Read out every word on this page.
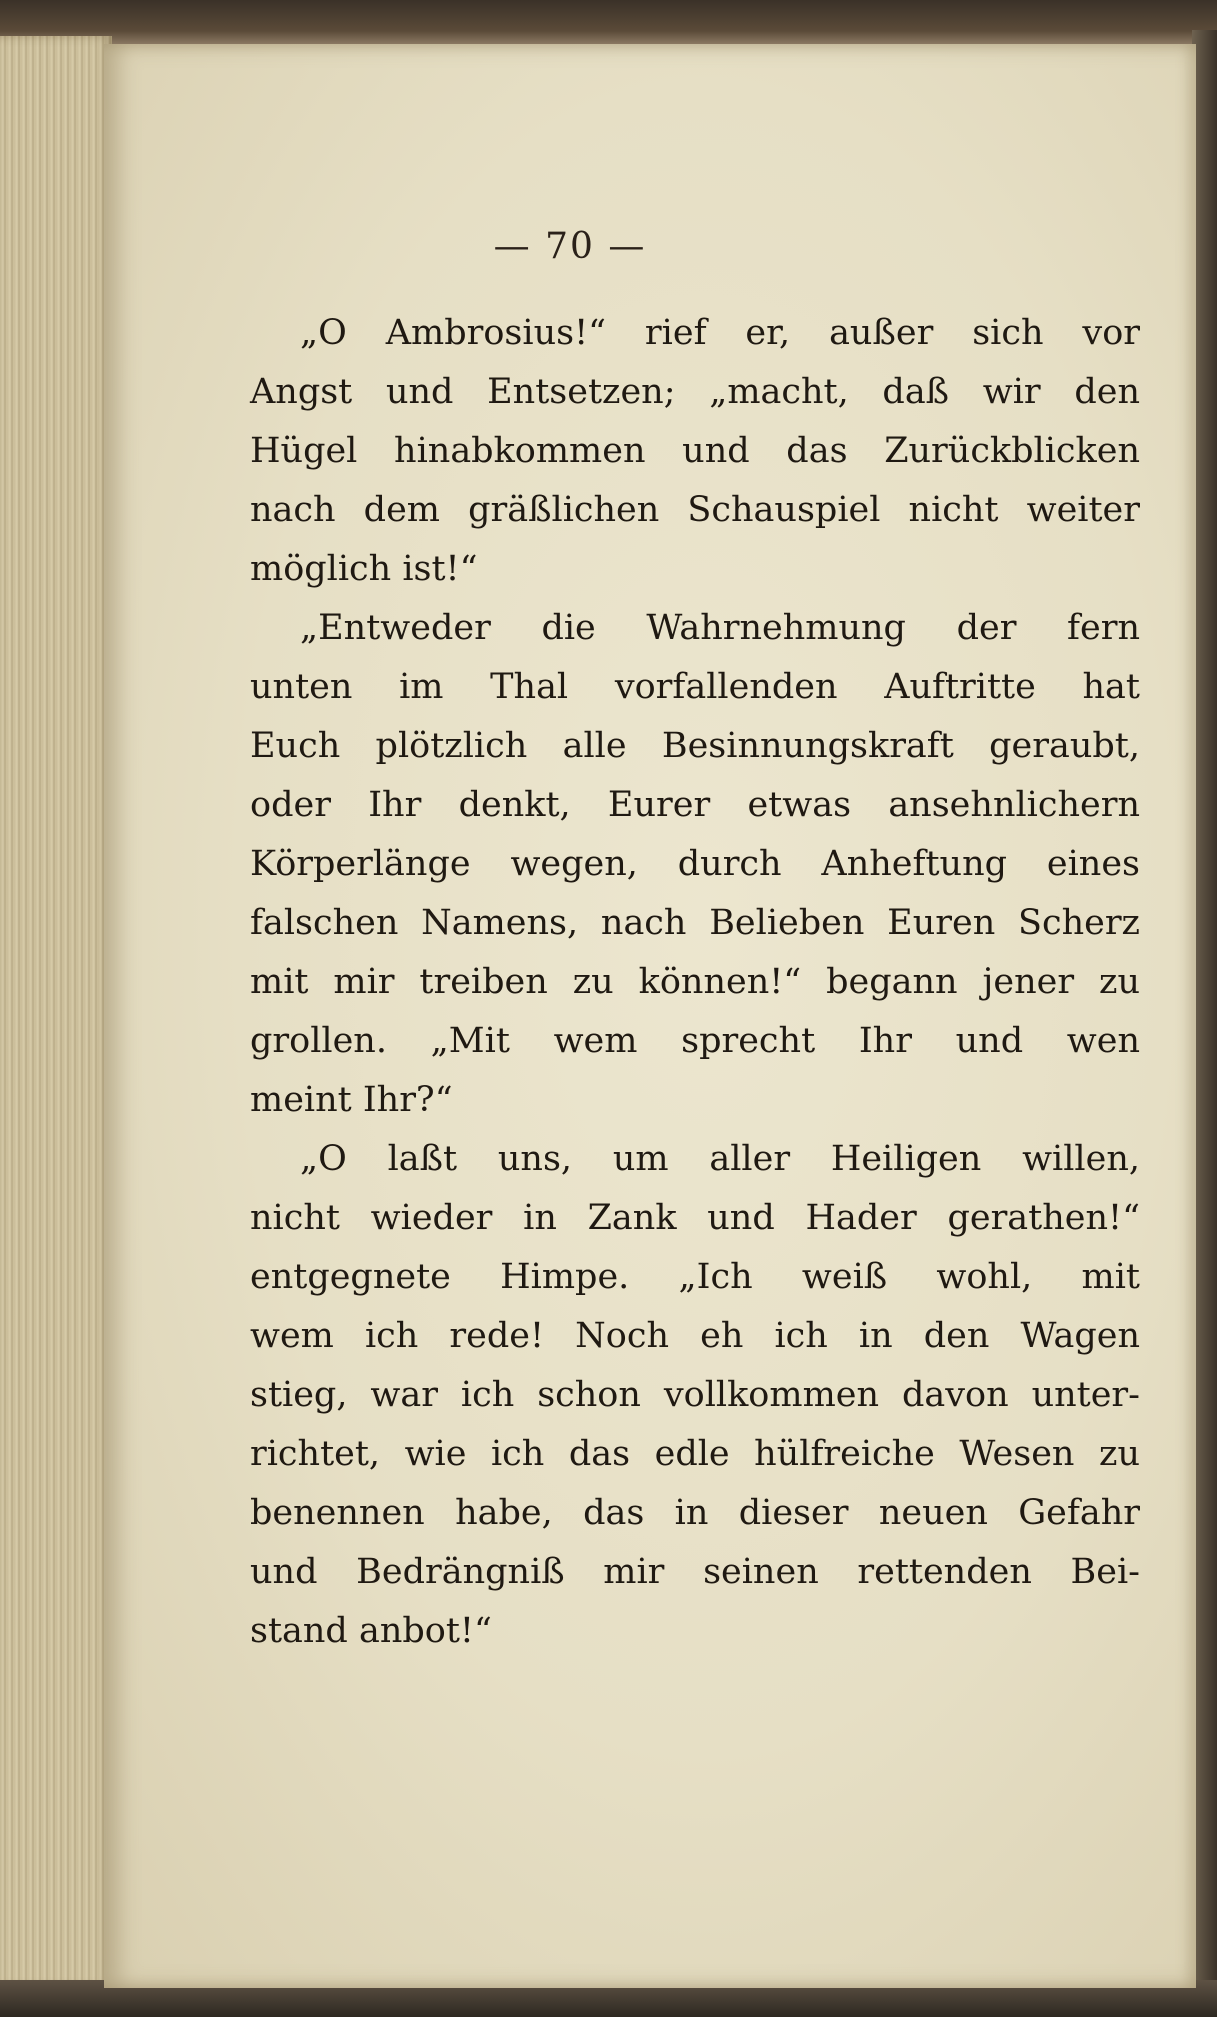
— 70 —
„O Ambrosius!“ rief er, außer sich vor
Angst und Entsetzen; „macht, daß wir den
Hügel hinabkommen und das Zurückblicken
nach dem gräßlichen Schauspiel nicht weiter
möglich ist!“
„Entweder die Wahrnehmung der fern
unten im Thal vorfallenden Auftritte hat
Euch plötzlich alle Besinnungskraft geraubt,
oder Ihr denkt, Eurer etwas ansehnlichern
Körperlänge wegen, durch Anheftung eines
falschen Namens, nach Belieben Euren Scherz
mit mir treiben zu können!“ begann jener zu
grollen. „Mit wem sprecht Ihr und wen
meint Ihr?“
„O laßt uns, um aller Heiligen willen,
nicht wieder in Zank und Hader gerathen!“
entgegnete Himpe. „Ich weiß wohl, mit
wem ich rede! Noch eh ich in den Wagen
stieg, war ich schon vollkommen davon unter-
richtet, wie ich das edle hülfreiche Wesen zu
benennen habe, das in dieser neuen Gefahr
und Bedrängniß mir seinen rettenden Bei-
stand anbot!“
